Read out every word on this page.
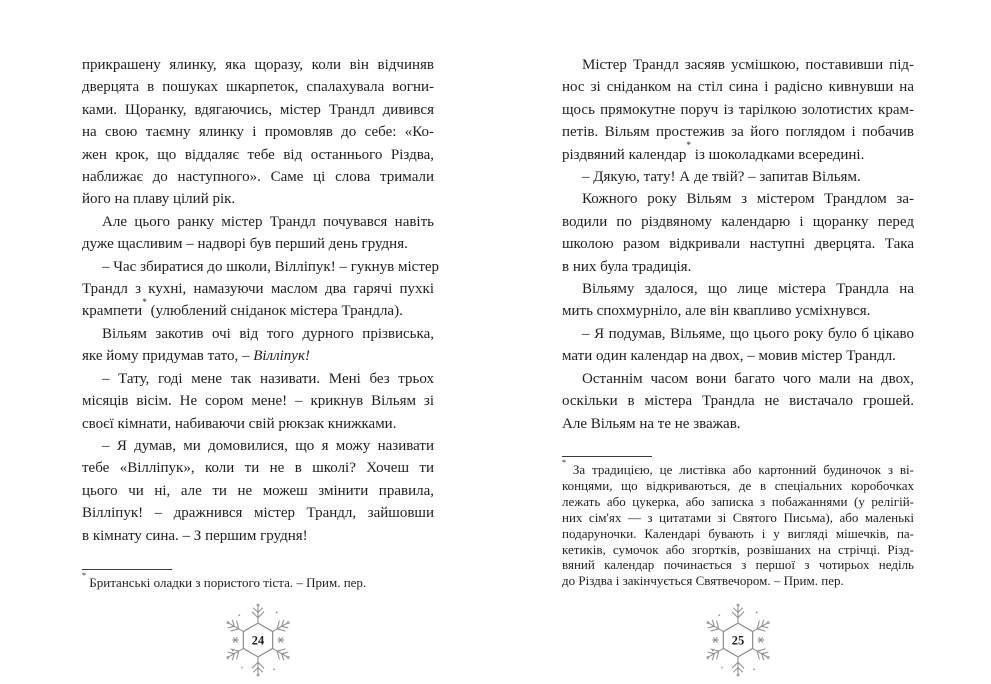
прикрашену ялинку, яка щоразу, коли він відчиняв
дверцята в пошуках шкарпеток, спалахувала вогни-
ками. Щоранку, вдягаючись, містер Трандл дивився
на свою таємну ялинку і промовляв до себе: «Ко-
жен крок, що віддаляє тебе від останнього Різдва,
наближає до наступного». Саме ці слова тримали
його на плаву цілий рік.

Але цього ранку містер Трандл почувався навіть
дуже щасливим – надворі був перший день грудня.

– Час збиратися до школи, Вілліпук! – гукнув містер
Трандл з кухні, намазуючи маслом два гарячі пухкі
крампети* (улюблений сніданок містера Трандла).

Вільям закотив очі від того дурного прізвиська,
яке йому придумав тато, – Вілліпук!

– Тату, годі мене так називати. Мені без трьох
місяців вісім. Не сором мене! – крикнув Вільям зі
своєї кімнати, набиваючи свій рюкзак книжками.

– Я думав, ми домовилися, що я можу називати
тебе «Вілліпук», коли ти не в школі? Хочеш ти
цього чи ні, але ти не можеш змінити правила,
Вілліпук! – дражнився містер Трандл, зайшовши
в кімнату сина. – З першим грудня!

* Британські оладки з пористого тіста. – Прим. пер.
24

Містер Трандл засяяв усмішкою, поставивши під-
нос зі сніданком на стіл сина і радісно кивнувши на
щось прямокутне поруч із тарілкою золотистих крам-
петів. Вільям простежив за його поглядом і побачив
різдвяний календар* із шоколадками всередині.

– Дякую, тату! А де твій? – запитав Вільям.

Кожного року Вільям з містером Трандлом за-
водили по різдвяному календарю і щоранку перед
школою разом відкривали наступні дверцята. Така
в них була традиція.

Вільяму здалося, що лице містера Трандла на
мить спохмурніло, але він квапливо усміхнувся.

– Я подумав, Вільяме, що цього року було б цікаво
мати один календар на двох, – мовив містер Трандл.

Останнім часом вони багато чого мали на двох,
оскільки в містера Трандла не вистачало грошей.
Але Вільям на те не зважав.

* За традицією, це листівка або картонний будиночок з ві-
концями, що відкриваються, де в спеціальних коробочках
лежать або цукерка, або записка з побажаннями (у релігій-
них сім'ях — з цитатами зі Святого Письма), або маленькі
подаруночки. Календарі бувають і у вигляді мішечків, па-
кетиків, сумочок або згортків, розвішаних на стрічці. Різд-
вяний календар починається з першої з чотирьох неділь
до Різдва і закінчується Святвечором. – Прим. пер.
25
